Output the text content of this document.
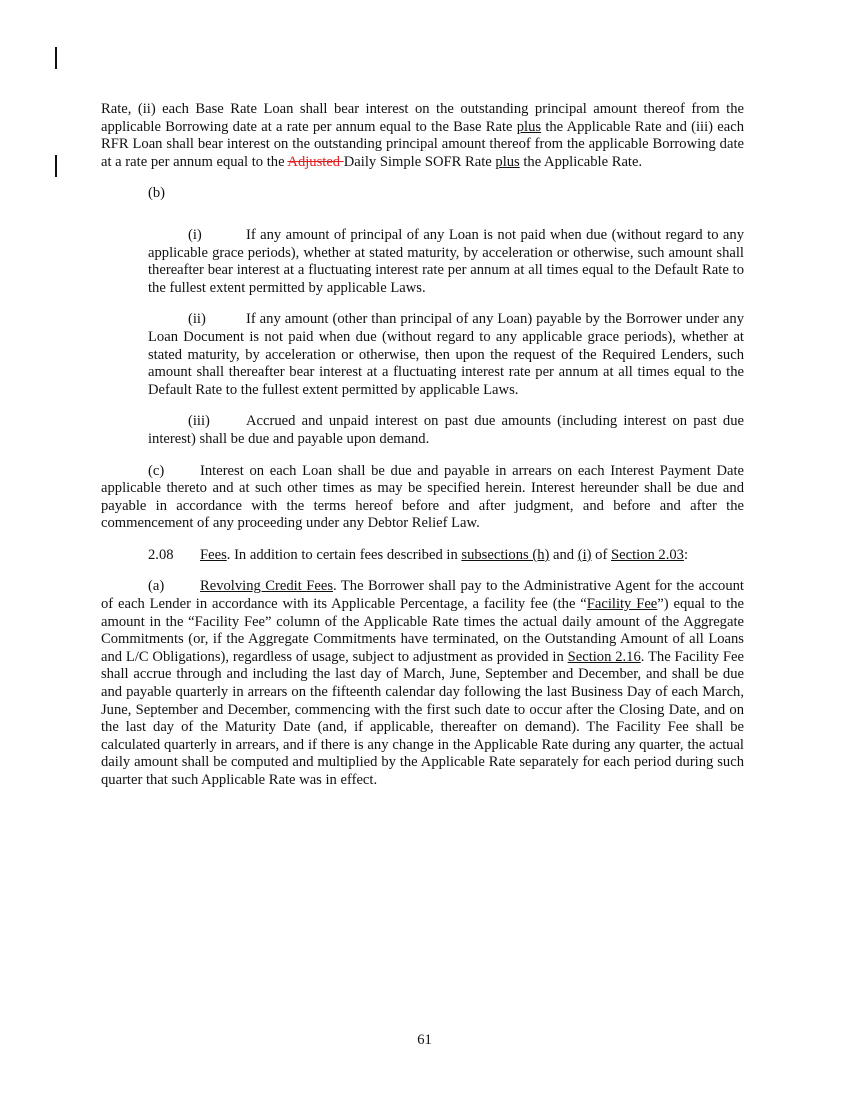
Rate, (ii) each Base Rate Loan shall bear interest on the outstanding principal amount thereof from the applicable Borrowing date at a rate per annum equal to the Base Rate plus the Applicable Rate and (iii) each RFR Loan shall bear interest on the outstanding principal amount thereof from the applicable Borrowing date at a rate per annum equal to the Adjusted Daily Simple SOFR Rate plus the Applicable Rate.

(b)

(i)	If any amount of principal of any Loan is not paid when due (without regard to any applicable grace periods), whether at stated maturity, by acceleration or otherwise, such amount shall thereafter bear interest at a fluctuating interest rate per annum at all times equal to the Default Rate to the fullest extent permitted by applicable Laws.

(ii)	If any amount (other than principal of any Loan) payable by the Borrower under any Loan Document is not paid when due (without regard to any applicable grace periods), whether at stated maturity, by acceleration or otherwise, then upon the request of the Required Lenders, such amount shall thereafter bear interest at a fluctuating interest rate per annum at all times equal to the Default Rate to the fullest extent permitted by applicable Laws.

(iii) Accrued and unpaid interest on past due amounts (including interest on past due interest) shall be due and payable upon demand.

(c) Interest on each Loan shall be due and payable in arrears on each Interest Payment Date applicable thereto and at such other times as may be specified herein. Interest hereunder shall be due and payable in accordance with the terms hereof before and after judgment, and before and after the commencement of any proceeding under any Debtor Relief Law.

2.08 Fees. In addition to certain fees described in subsections (h) and (i) of Section 2.03:

(a) Revolving Credit Fees. The Borrower shall pay to the Administrative Agent for the account of each Lender in accordance with its Applicable Percentage, a facility fee (the “Facility Fee”) equal to the amount in the “Facility Fee” column of the Applicable Rate times the actual daily amount of the Aggregate Commitments (or, if the Aggregate Commitments have terminated, on the Outstanding Amount of all Loans and L/C Obligations), regardless of usage, subject to adjustment as provided in Section 2.16. The Facility Fee shall accrue through and including the last day of March, June, September and December, and shall be due and payable quarterly in arrears on the fifteenth calendar day following the last Business Day of each March, June, September and December, commencing with the first such date to occur after the Closing Date, and on the last day of the Maturity Date (and, if applicable, thereafter on demand). The Facility Fee shall be calculated quarterly in arrears, and if there is any change in the Applicable Rate during any quarter, the actual daily amount shall be computed and multiplied by the Applicable Rate separately for each period during such quarter that such Applicable Rate was in effect.

61
